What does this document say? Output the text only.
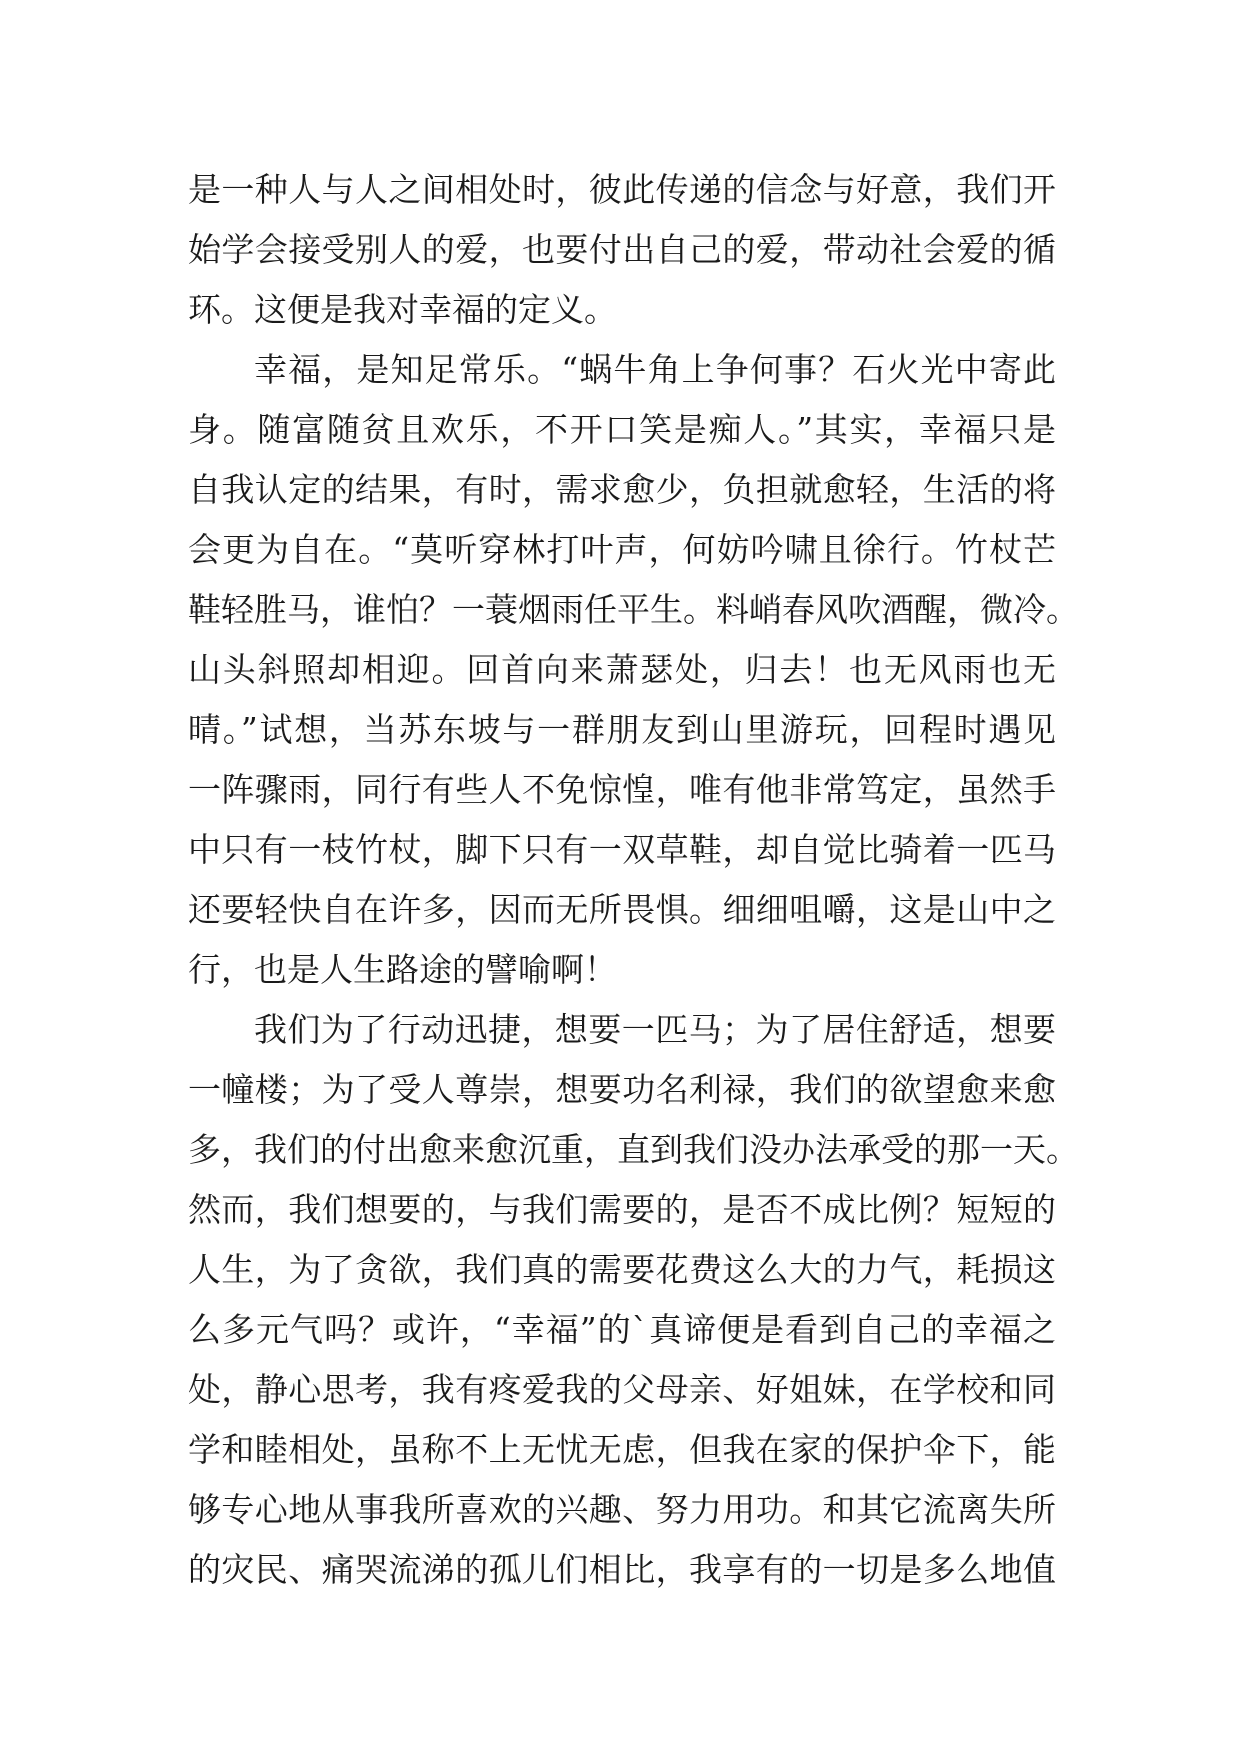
是一种人与人之间相处时，彼此传递的信念与好意，我们开
始学会接受别人的爱，也要付出自己的爱，带动社会爱的循
环。这便是我对幸福的定义。
幸福，是知足常乐。“蜗牛角上争何事？石火光中寄此
身。随富随贫且欢乐，不开口笑是痴人。”其实，幸福只是
自我认定的结果，有时，需求愈少，负担就愈轻，生活的将
会更为自在。“莫听穿林打叶声，何妨吟啸且徐行。竹杖芒
鞋轻胜马，谁怕？一蓑烟雨任平生。料峭春风吹酒醒，微冷。
山头斜照却相迎。回首向来萧瑟处，归去！也无风雨也无
晴。”试想，当苏东坡与一群朋友到山里游玩，回程时遇见
一阵骤雨，同行有些人不免惊惶，唯有他非常笃定，虽然手
中只有一枝竹杖，脚下只有一双草鞋，却自觉比骑着一匹马
还要轻快自在许多，因而无所畏惧。细细咀嚼，这是山中之
行，也是人生路途的譬喻啊！
我们为了行动迅捷，想要一匹马；为了居住舒适，想要
一幢楼；为了受人尊崇，想要功名利禄，我们的欲望愈来愈
多，我们的付出愈来愈沉重，直到我们没办法承受的那一天。
然而，我们想要的，与我们需要的，是否不成比例？短短的
人生，为了贪欲，我们真的需要花费这么大的力气，耗损这
么多元气吗？或许，“幸福”的`真谛便是看到自己的幸福之
处，静心思考，我有疼爱我的父母亲、好姐妹，在学校和同
学和睦相处，虽称不上无忧无虑，但我在家的保护伞下，能
够专心地从事我所喜欢的兴趣、努力用功。和其它流离失所
的灾民、痛哭流涕的孤儿们相比，我享有的一切是多么地值
